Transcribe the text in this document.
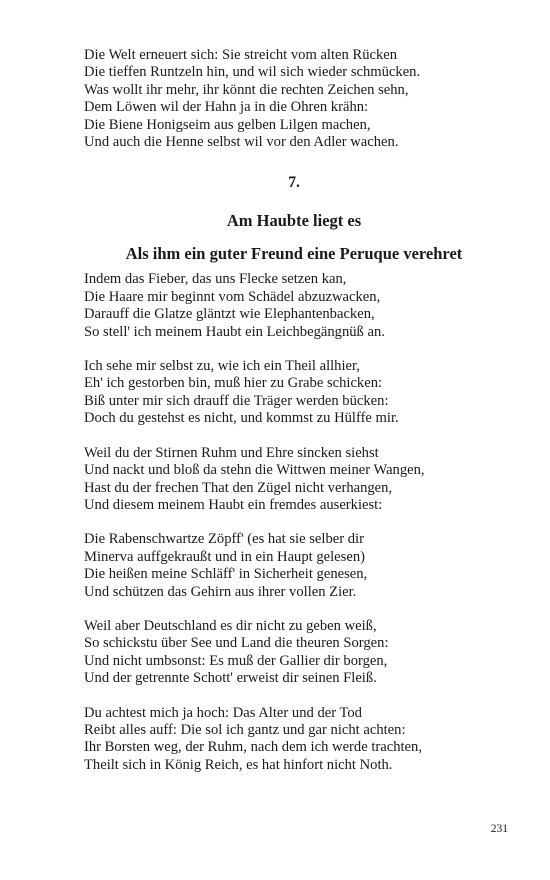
Die Welt erneuert sich: Sie streicht vom alten Rücken
Die tieffen Runtzeln hin, und wil sich wieder schmücken.
Was wollt ihr mehr, ihr könnt die rechten Zeichen sehn,
Dem Löwen wil der Hahn ja in die Ohren krähn:
Die Biene Honigseim aus gelben Lilgen machen,
Und auch die Henne selbst wil vor den Adler wachen.
7.
Am Haubte liegt es
Als ihm ein guter Freund eine Peruque verehret
Indem das Fieber, das uns Flecke setzen kan,
Die Haare mir beginnt vom Schädel abzuzwacken,
Darauff die Glatze gläntzt wie Elephantenbacken,
So stell' ich meinem Haubt ein Leichbegängnüß an.
Ich sehe mir selbst zu, wie ich ein Theil allhier,
Eh' ich gestorben bin, muß hier zu Grabe schicken:
Biß unter mir sich drauff die Träger werden bücken:
Doch du gestehst es nicht, und kommst zu Hülffe mir.
Weil du der Stirnen Ruhm und Ehre sincken siehst
Und nackt und bloß da stehn die Wittwen meiner Wangen,
Hast du der frechen That den Zügel nicht verhangen,
Und diesem meinem Haubt ein fremdes auserkiest:
Die Rabenschwartze Zöpff' (es hat sie selber dir
Minerva auffgekraußt und in ein Haupt gelesen)
Die heißen meine Schläff' in Sicherheit genesen,
Und schützen das Gehirn aus ihrer vollen Zier.
Weil aber Deutschland es dir nicht zu geben weiß,
So schickstu über See und Land die theuren Sorgen:
Und nicht umbsonst: Es muß der Gallier dir borgen,
Und der getrennte Schott' erweist dir seinen Fleiß.
Du achtest mich ja hoch: Das Alter und der Tod
Reibt alles auff: Die sol ich gantz und gar nicht achten:
Ihr Borsten weg, der Ruhm, nach dem ich werde trachten,
Theilt sich in König Reich, es hat hinfort nicht Noth.
231
